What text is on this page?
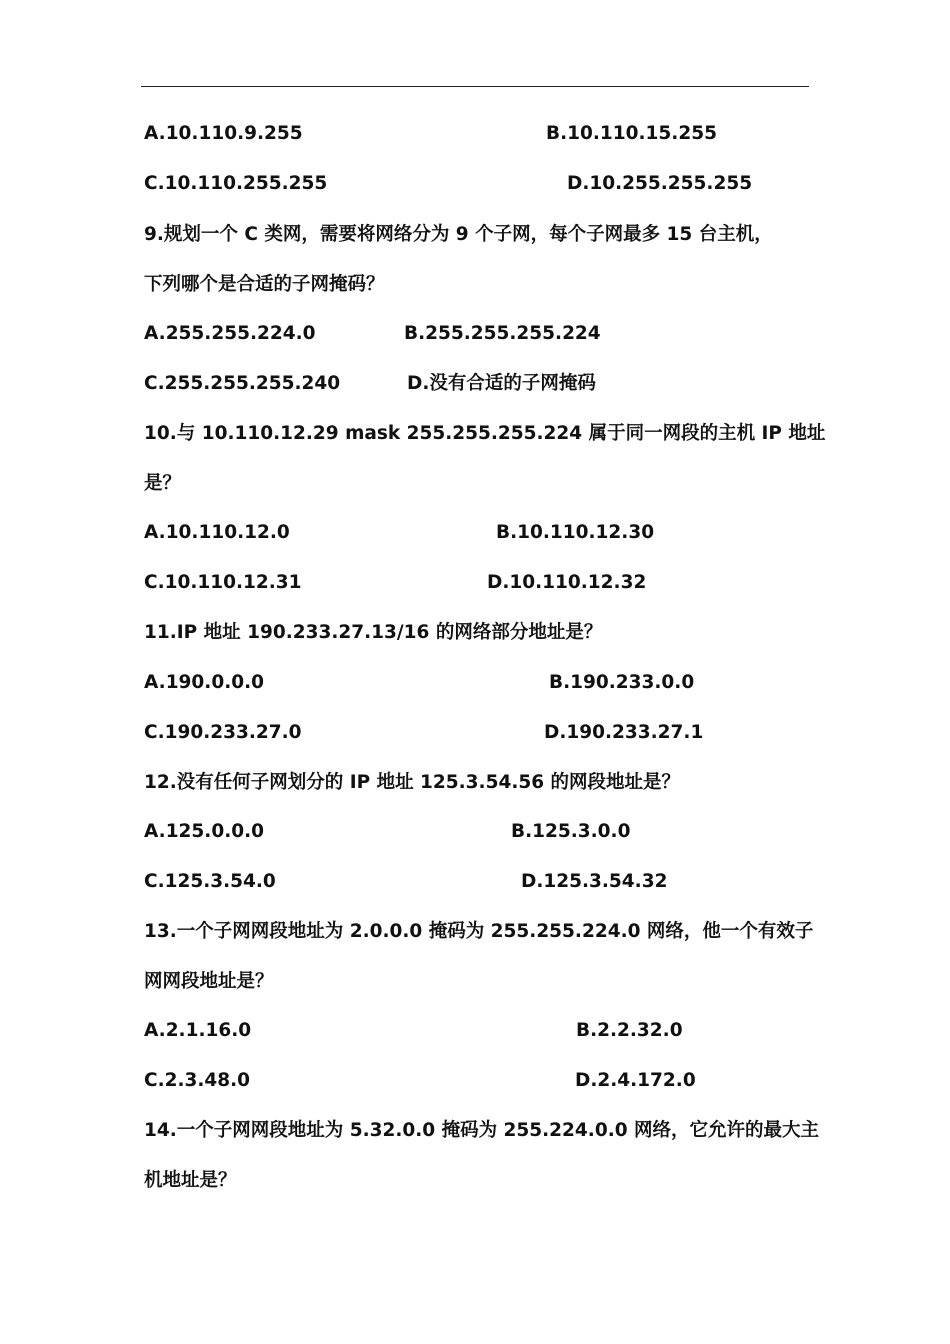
A.10.110.9.255	B.10.110.15.255
C.10.110.255.255	D.10.255.255.255
9.规划一个 C 类网，需要将网络分为 9 个子网，每个子网最多 15 台主机，
下列哪个是合适的子网掩码？
A.255.255.224.0	B.255.255.255.224
C.255.255.255.240	D.没有合适的子网掩码
10.与 10.110.12.29 mask 255.255.255.224 属于同一网段的主机 IP 地址
是？
A.10.110.12.0	B.10.110.12.30
C.10.110.12.31	D.10.110.12.32
11.IP 地址 190.233.27.13/16 的网络部分地址是？
A.190.0.0.0	B.190.233.0.0
C.190.233.27.0	D.190.233.27.1
12.没有任何子网划分的 IP 地址 125.3.54.56 的网段地址是？
A.125.0.0.0	B.125.3.0.0
C.125.3.54.0	D.125.3.54.32
13.一个子网网段地址为 2.0.0.0 掩码为 255.255.224.0 网络，他一个有效子
网网段地址是？
A.2.1.16.0	B.2.2.32.0
C.2.3.48.0	D.2.4.172.0
14.一个子网网段地址为 5.32.0.0 掩码为 255.224.0.0 网络，它允许的最大主
机地址是？
